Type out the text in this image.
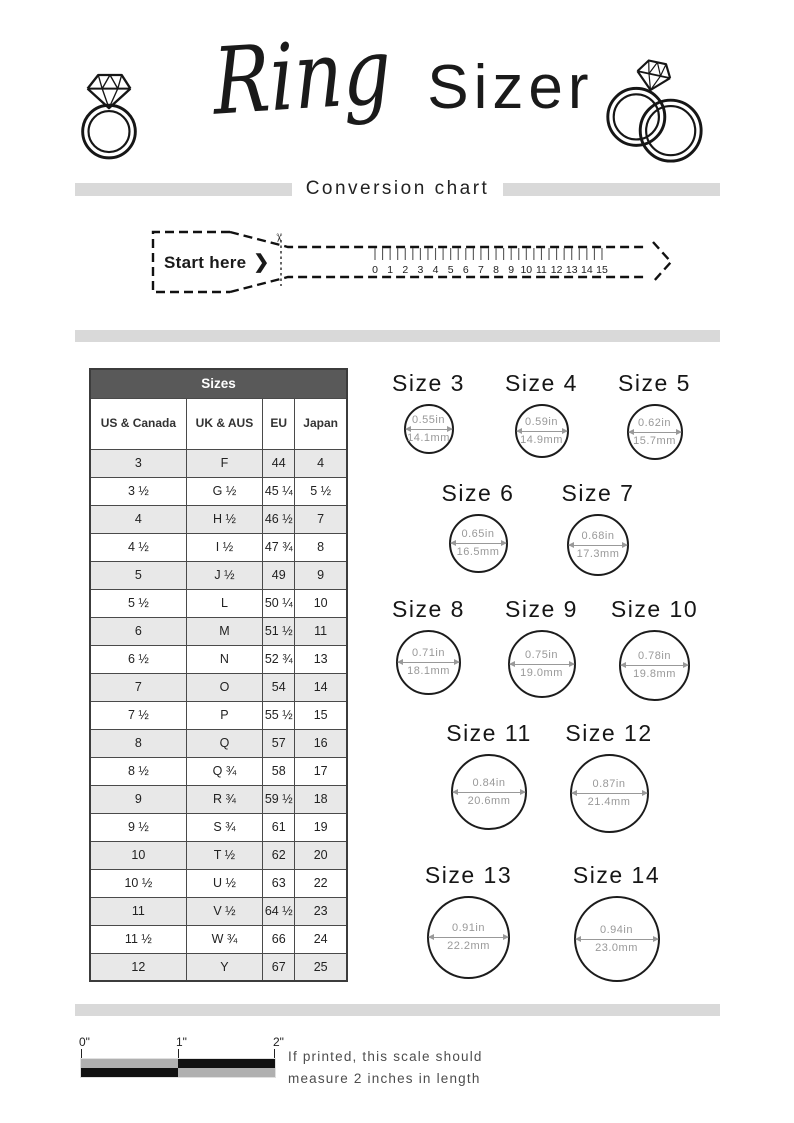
Ring Sizer
Conversion chart
0 1 2 3 4 5 6 7 8 9 10 11 12 13 14 15
Start here ❯
✂
Sizes			
US & Canada	UK & AUS	EU	Japan
3	F	44	4
3 ½	G ½	45 ¼	5 ½
4	H ½	46 ½	7
4 ½	I ½	47 ¾	8
5	J ½	49	9
5 ½	L	50 ¼	10
6	M	51 ½	11
6 ½	N	52 ¾	13
7	O	54	14
7 ½	P	55 ½	15
8	Q	57	16
8 ½	Q ¾	58	17
9	R ¾	59 ½	18
9 ½	S ¾	61	19
10	T ½	62	20
10 ½	U ½	63	22
11	V ½	64 ½	23
11 ½	W ¾	66	24
12	Y	67	25
Size 3
0.55in
14.1mm
Size 4
0.59in
14.9mm
Size 5
0.62in
15.7mm
Size 6
0.65in
16.5mm
Size 7
0.68in
17.3mm
Size 8
0.71in
18.1mm
Size 9
0.75in
19.0mm
Size 10
0.78in
19.8mm
Size 11
0.84in
20.6mm
Size 12
0.87in
21.4mm
Size 13
0.91in
22.2mm
Size 14
0.94in
23.0mm
0"	1"	2"
If printed, this scale should
measure 2 inches in length
